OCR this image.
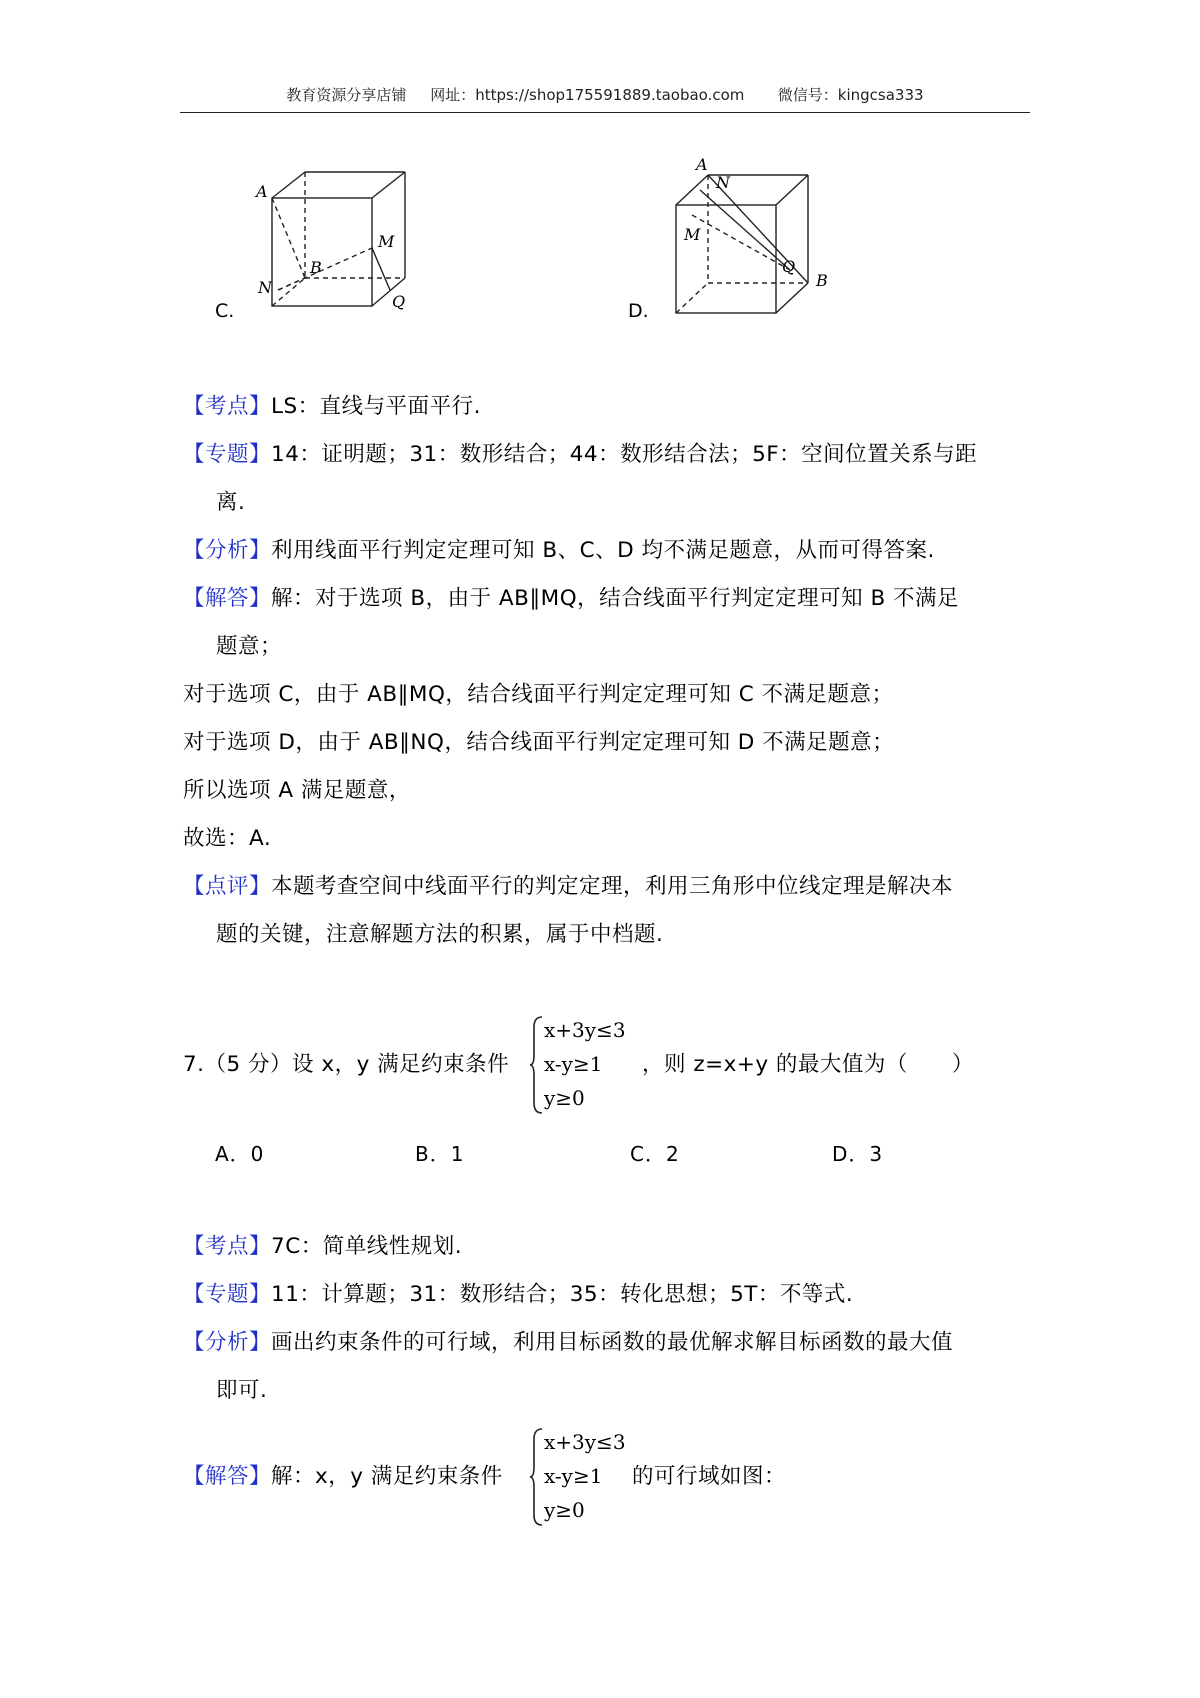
教育资源分享店铺 网址：https://shop175591889.taobao.com 微信号：kingcsa333
C.
A
B
M
N
Q	D.
A
N
M
Q
B
【考点】LS：直线与平面平行.
【专题】14：证明题；31：数形结合；44：数形结合法；5F：空间位置关系与距
离.
【分析】利用线面平行判定定理可知 B、C、D 均不满足题意，从而可得答案.
【解答】解：对于选项 B，由于 AB∥MQ，结合线面平行判定定理可知 B 不满足
题意；
对于选项 C，由于 AB∥MQ，结合线面平行判定定理可知 C 不满足题意；
对于选项 D，由于 AB∥NQ，结合线面平行判定定理可知 D 不满足题意；
所以选项 A 满足题意，
故选：A.
【点评】本题考查空间中线面平行的判定定理，利用三角形中位线定理是解决本
题的关键，注意解题方法的积累，属于中档题.
7.（5 分）设 x，y 满足约束条件
x+3y≤3
x-y≥1
y≥0
，则 z=x+y 的最大值为（　　）
A．0	B．1	C．2	D．3
【考点】7C：简单线性规划.
【专题】11：计算题；31：数形结合；35：转化思想；5T：不等式.
【分析】画出约束条件的可行域，利用目标函数的最优解求解目标函数的最大值
即可.
【解答】解：x，y 满足约束条件
x+3y≤3
x-y≥1
y≥0
的可行域如图：
